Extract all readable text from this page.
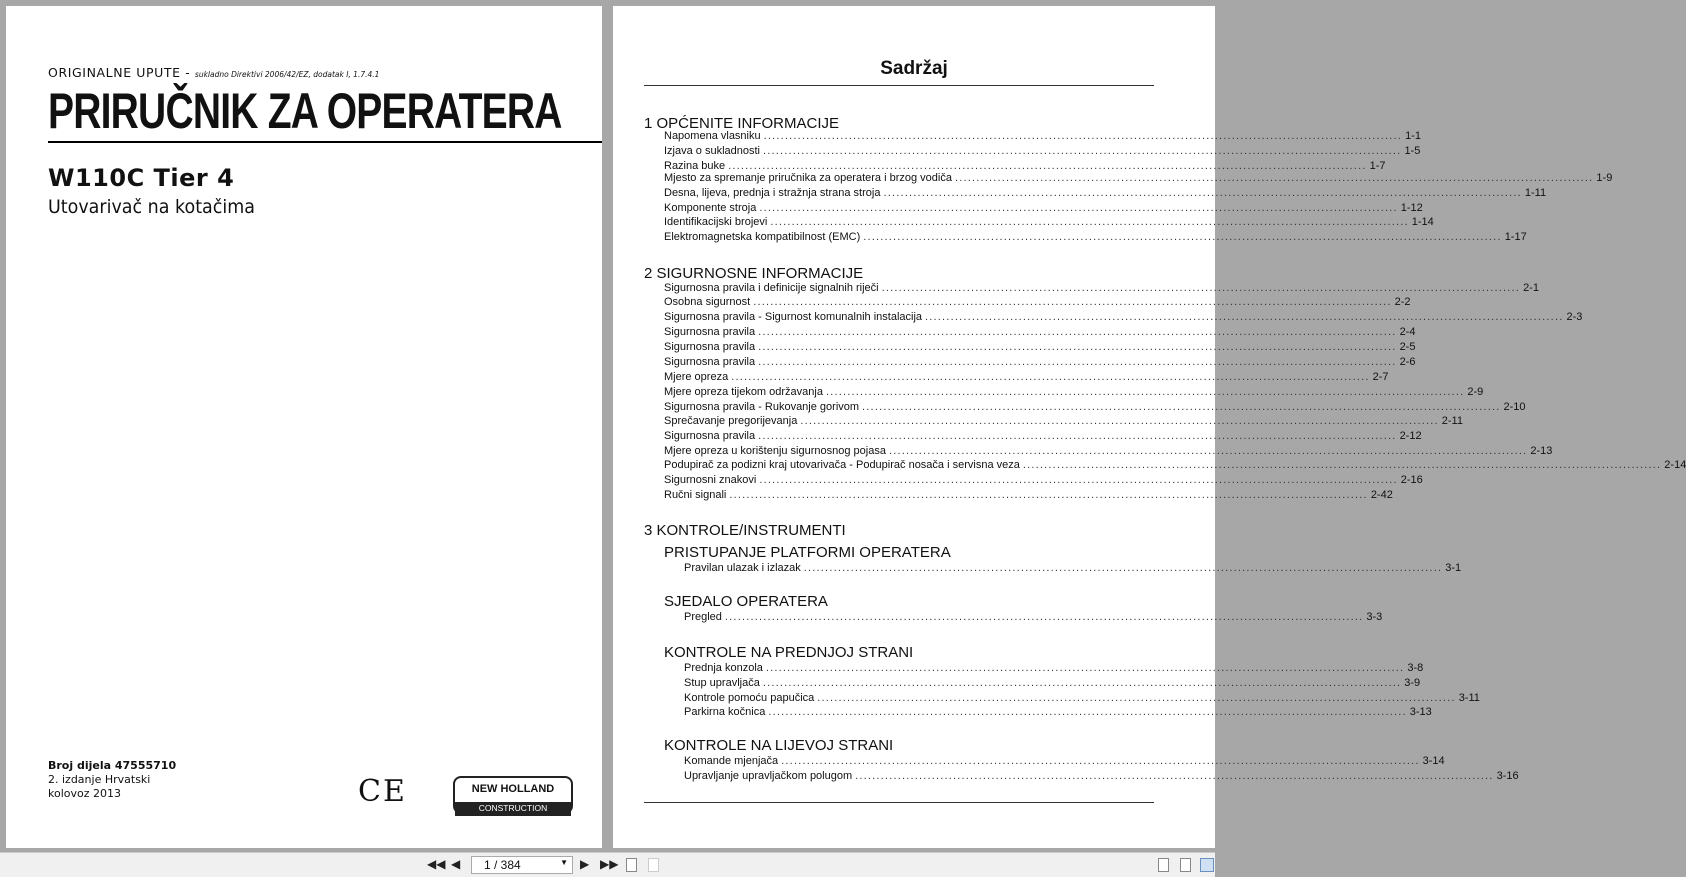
ORIGINALNE UPUTE - sukladno Direktivi 2006/42/EZ, dodatak I, 1.7.4.1
PRIRUČNIK ZA OPERATERA
W110C Tier 4
Utovarivač na kotačima
Broj dijela 47555710
2. izdanje Hrvatski
kolovoz 2013	CE	NEW HOLLAND
CONSTRUCTION
Sadržaj
1 OPĆENITE INFORMACIJE
Napomena vlasniku ...................................................................................................................................................... 1-1
Izjava o sukladnosti ...................................................................................................................................................... 1-5
Razina buke ...................................................................................................................................................... 1-7
Mjesto za spremanje priručnika za operatera i brzog vodiča ...................................................................................................................................................... 1-9
Desna, lijeva, prednja i stražnja strana stroja ...................................................................................................................................................... 1-11
Komponente stroja ...................................................................................................................................................... 1-12
Identifikacijski brojevi ...................................................................................................................................................... 1-14
Elektromagnetska kompatibilnost (EMC) ...................................................................................................................................................... 1-17
2 SIGURNOSNE INFORMACIJE
Sigurnosna pravila i definicije signalnih riječi ...................................................................................................................................................... 2-1
Osobna sigurnost ...................................................................................................................................................... 2-2
Sigurnosna pravila - Sigurnost komunalnih instalacija ...................................................................................................................................................... 2-3
Sigurnosna pravila ...................................................................................................................................................... 2-4
Sigurnosna pravila ...................................................................................................................................................... 2-5
Sigurnosna pravila ...................................................................................................................................................... 2-6
Mjere opreza ...................................................................................................................................................... 2-7
Mjere opreza tijekom održavanja ...................................................................................................................................................... 2-9
Sigurnosna pravila - Rukovanje gorivom ...................................................................................................................................................... 2-10
Sprečavanje pregorijevanja ...................................................................................................................................................... 2-11
Sigurnosna pravila ...................................................................................................................................................... 2-12
Mjere opreza u korištenju sigurnosnog pojasa ...................................................................................................................................................... 2-13
Podupirač za podizni kraj utovarivača - Podupirač nosača i servisna veza ...................................................................................................................................................... 2-14
Sigurnosni znakovi ...................................................................................................................................................... 2-16
Ručni signali ...................................................................................................................................................... 2-42
3 KONTROLE/INSTRUMENTI
PRISTUPANJE PLATFORMI OPERATERA
Pravilan ulazak i izlazak ...................................................................................................................................................... 3-1
SJEDALO OPERATERA
Pregled ...................................................................................................................................................... 3-3
KONTROLE NA PREDNJOJ STRANI
Prednja konzola ...................................................................................................................................................... 3-8
Stup upravljača ...................................................................................................................................................... 3-9
Kontrole pomoću papučica ...................................................................................................................................................... 3-11
Parkirna kočnica ...................................................................................................................................................... 3-13
KONTROLE NA LIJEVOJ STRANI
Komande mjenjača ...................................................................................................................................................... 3-14
Upravljanje upravljačkom polugom ...................................................................................................................................................... 3-16
◀◀ ◀	1 / 384	▼ ▶ ▶▶
